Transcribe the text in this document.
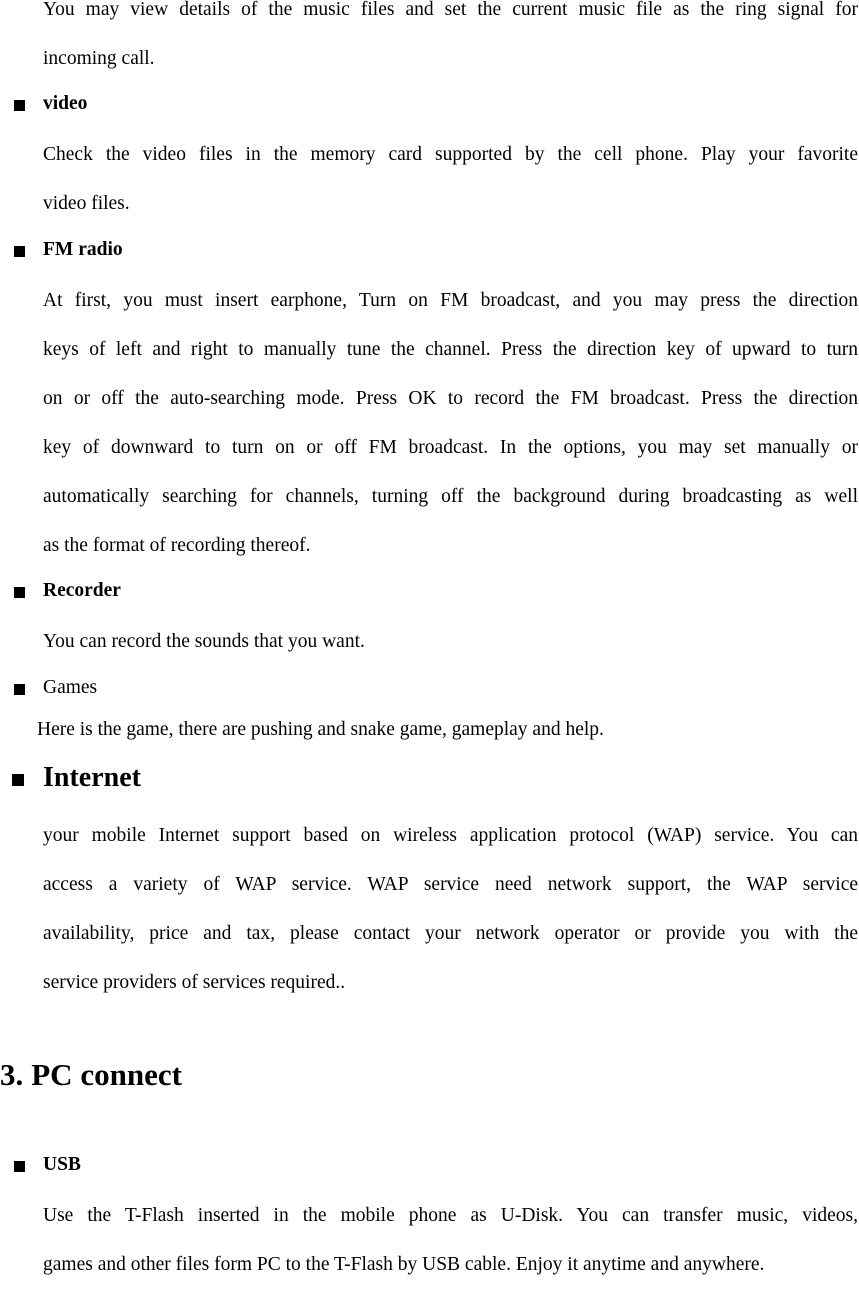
You may view details of the music files and set the current music file as the ring signal for
incoming call.
video
Check the video files in the memory card supported by the cell phone. Play your favorite
video files.
FM radio
At first, you must insert earphone, Turn on FM broadcast, and you may press the direction
keys of left and right to manually tune the channel. Press the direction key of upward to turn
on or off the auto-searching mode. Press OK to record the FM broadcast. Press the direction
key of downward to turn on or off FM broadcast. In the options, you may set manually or
automatically searching for channels, turning off the background during broadcasting as well
as the format of recording thereof.
Recorder
You can record the sounds that you want.
Games
Here is the game, there are pushing and snake game, gameplay and help.
Internet
your mobile Internet support based on wireless application protocol (WAP) service. You can
access a variety of WAP service. WAP service need network support, the WAP service
availability, price and tax, please contact your network operator or provide you with the
service providers of services required..
3. PC connect
USB
Use the T-Flash inserted in the mobile phone as U-Disk. You can transfer music, videos,
games and other files form PC to the T-Flash by USB cable. Enjoy it anytime and anywhere.
